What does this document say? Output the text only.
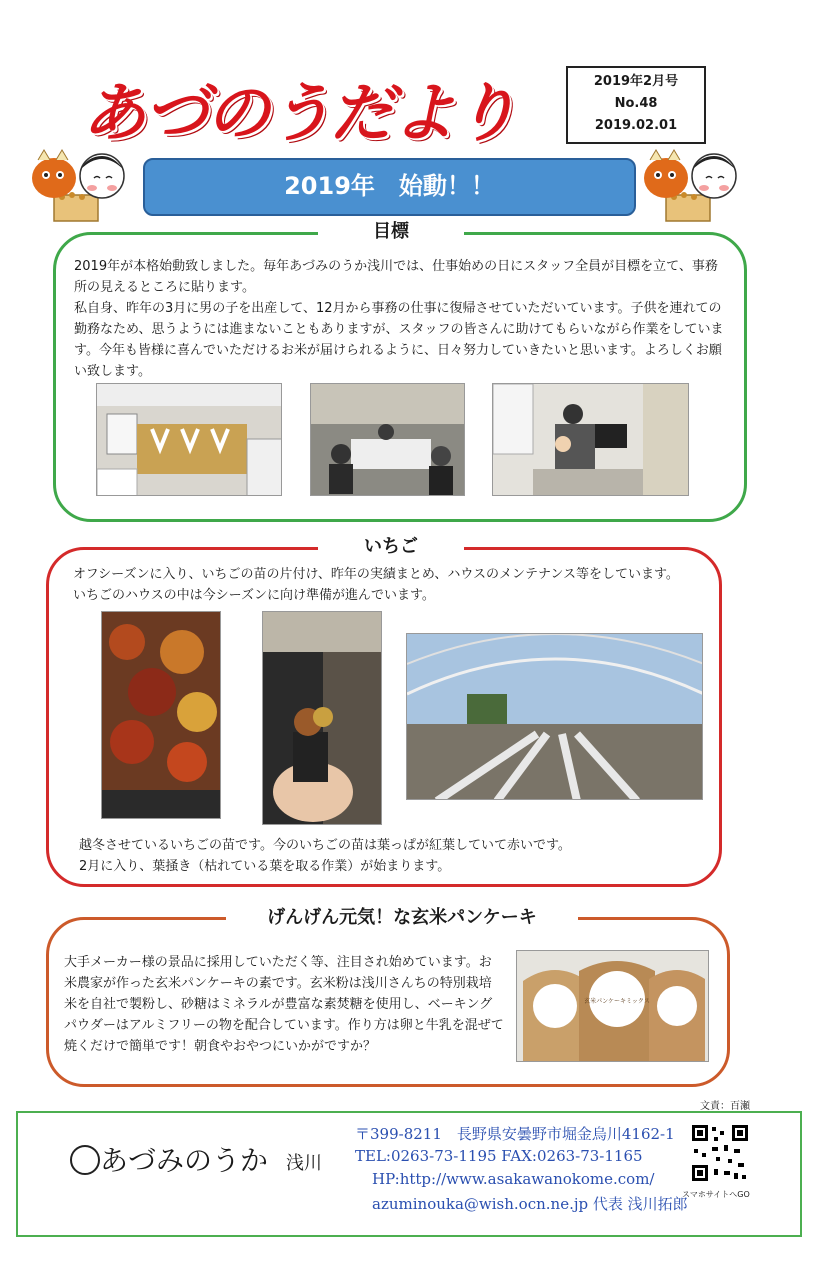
あづのうだより	2019年2月号
No.48
2019.02.01
2019年　始動！！
目標

2019年が本格始動致しました。毎年あづみのうか浅川では、仕事始めの日にスタッフ全員が目標を立て、事務所の見えるところに貼ります。

私自身、昨年の3月に男の子を出産して、12月から事務の仕事に復帰させていただいています。子供を連れての勤務なため、思うようには進まないこともありますが、スタッフの皆さんに助けてもらいながら作業をしています。今年も皆様に喜んでいただけるお米が届けられるように、日々努力していきたいと思います。よろしくお願い致します。

いちご
オフシーズンに入り、いちごの苗の片付け、昨年の実績まとめ、ハウスのメンテナンス等をしています。
いちごのハウスの中は今シーズンに向け準備が進んでいます。
越冬させているいちごの苗です。今のいちごの苗は葉っぱが紅葉していて赤いです。
2月に入り、葉掻き（枯れている葉を取る作業）が始まります。
げんげん元気！な玄米パンケーキ
大手メーカー様の景品に採用していただく等、注目され始めています。お米農家が作った玄米パンケーキの素です。玄米粉は浅川さんちの特別栽培米を自社で製粉し、砂糖はミネラルが豊富な素焚糖を使用し、ベーキングパウダーはアルミフリーの物を配合しています。作り方は卵と牛乳を混ぜて焼くだけで簡単です！朝食やおやつにいかがですか？
玄米パンケーキミックス
文責：百瀬
あづみのうか 浅川
〒399-8211　長野県安曇野市堀金烏川4162-1
TEL:0263-73-1195 FAX:0263-73-1165
HP:http://www.asakawanokome.com/
azuminouka@wish.ocn.ne.jp 代表 浅川拓郎
スマホサイトへGO
